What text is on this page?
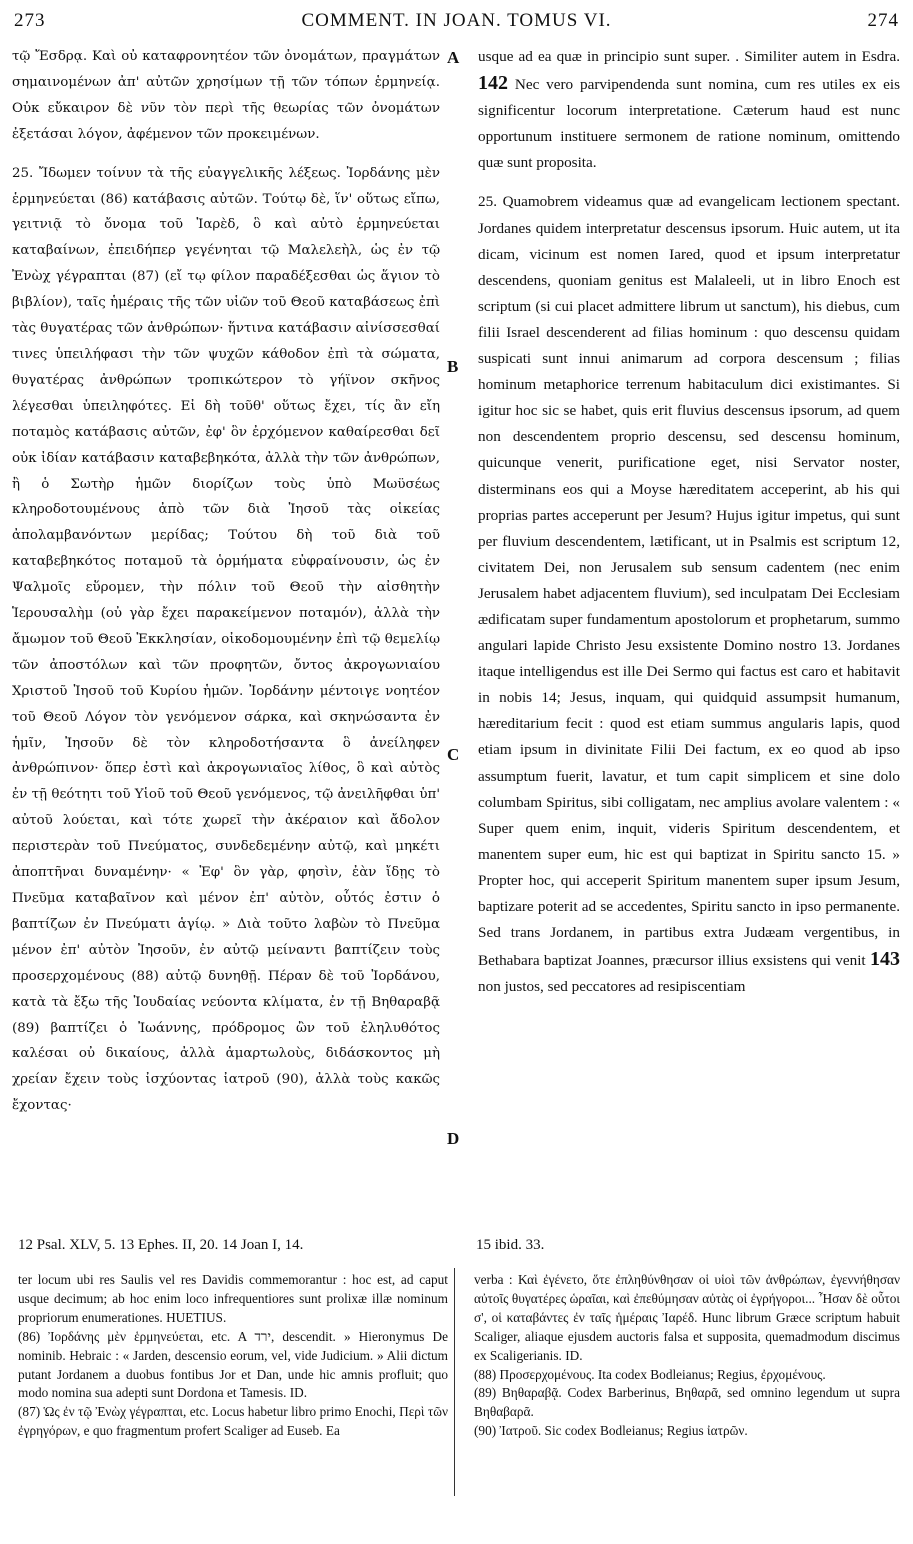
273	COMMENT. IN JOAN. TOMUS VI.	274

τῷ Ἔσδρᾳ. Καὶ οὐ καταφρονητέον τῶν ὀνομάτων, πραγμάτων σημαινομένων ἀπ' αὐτῶν χρησίμων τῇ τῶν τόπων ἑρμηνείᾳ. Οὐκ εὔκαιρον δὲ νῦν τὸν περὶ τῆς θεωρίας τῶν ὀνομάτων ἐξετάσαι λόγον, ἀφέμενον τῶν προκειμένων.

25. Ἴδωμεν τοίνυν τὰ τῆς εὐαγγελικῆς λέξεως. Ἰορδάνης μὲν ἑρμηνεύεται (86) κατάβασις αὐτῶν. Τούτῳ δὲ, ἵν' οὕτως εἴπω, γειτνιᾷ τὸ ὄνομα τοῦ Ἰαρὲδ, ὃ καὶ αὐτὸ ἑρμηνεύεται καταβαίνων, ἐπειδήπερ γεγένηται τῷ Μαλελεὴλ, ὡς ἐν τῷ Ἐνὼχ γέγραπται (87) (εἴ τῳ φίλον παραδέξεσθαι ὡς ἅγιον τὸ βιβλίον), ταῖς ἡμέραις τῆς τῶν υἱῶν τοῦ Θεοῦ καταβάσεως ἐπὶ τὰς θυγατέρας τῶν ἀνθρώπων· ἥντινα κατάβασιν αἰνίσσεσθαί τινες ὑπειλήφασι τὴν τῶν ψυχῶν κάθοδον ἐπὶ τὰ σώματα, θυγατέρας ἀνθρώπων τροπικώτερον τὸ γήϊνον σκῆνος λέγεσθαι ὑπειληφότες. Εἰ δὴ τοῦθ' οὕτως ἔχει, τίς ἂν εἴη ποταμὸς κατάβασις αὐτῶν, ἐφ' ὃν ἐρχόμενον καθαίρεσθαι δεῖ οὐκ ἰδίαν κατάβασιν καταβεβηκότα, ἀλλὰ τὴν τῶν ἀνθρώπων, ἢ ὁ Σωτὴρ ἡμῶν διορίζων τοὺς ὑπὸ Μωϋσέως κληροδοτουμένους ἀπὸ τῶν διὰ Ἰησοῦ τὰς οἰκείας ἀπολαμβανόντων μερίδας; Τούτου δὴ τοῦ διὰ τοῦ καταβεβηκότος ποταμοῦ τὰ ὁρμήματα εὐφραίνουσιν, ὡς ἐν Ψαλμοῖς εὕρομεν, τὴν πόλιν τοῦ Θεοῦ τὴν αἰσθητὴν Ἱερουσαλὴμ (οὐ γὰρ ἔχει παρακείμενον ποταμόν), ἀλλὰ τὴν ἄμωμον τοῦ Θεοῦ Ἐκκλησίαν, οἰκοδομουμένην ἐπὶ τῷ θεμελίῳ τῶν ἀποστόλων καὶ τῶν προφητῶν, ὄντος ἀκρογωνιαίου Χριστοῦ Ἰησοῦ τοῦ Κυρίου ἡμῶν. Ἰορδάνην μέντοιγε νοητέον τοῦ Θεοῦ Λόγον τὸν γενόμενον σάρκα, καὶ σκηνώσαντα ἐν ἡμῖν, Ἰησοῦν δὲ τὸν κληροδοτήσαντα ὃ ἀνείληφεν ἀνθρώπινον· ὅπερ ἐστὶ καὶ ἀκρογωνιαῖος λίθος, ὃ καὶ αὐτὸς ἐν τῇ θεότητι τοῦ Υἱοῦ τοῦ Θεοῦ γενόμενος, τῷ ἀνειλῆφθαι ὑπ' αὐτοῦ λούεται, καὶ τότε χωρεῖ τὴν ἀκέραιον καὶ ἄδολον περιστερὰν τοῦ Πνεύματος, συνδεδεμένην αὐτῷ, καὶ μηκέτι ἀποπτῆναι δυναμένην· « Ἐφ' ὃν γὰρ, φησὶν, ἐὰν ἴδῃς τὸ Πνεῦμα καταβαῖνον καὶ μένον ἐπ' αὐτὸν, οὗτός ἐστιν ὁ βαπτίζων ἐν Πνεύματι ἁγίῳ. » Διὰ τοῦτο λαβὼν τὸ Πνεῦμα μένον ἐπ' αὐτὸν Ἰησοῦν, ἐν αὐτῷ μείναντι βαπτίζειν τοὺς προσερχομένους (88) αὐτῷ δυνηθῇ. Πέραν δὲ τοῦ Ἰορδάνου, κατὰ τὰ ἔξω τῆς Ἰουδαίας νεύοντα κλίματα, ἐν τῇ Βηθαραβᾷ (89) βαπτίζει ὁ Ἰωάννης, πρόδρομος ὢν τοῦ ἐληλυθότος καλέσαι οὐ δικαίους, ἀλλὰ ἁμαρτωλοὺς, διδάσκοντος μὴ χρείαν ἔχειν τοὺς ἰσχύοντας ἰατροῦ (90), ἀλλὰ τοὺς κακῶς ἔχοντας·

A
B
C
D

usque ad ea quæ in principio sunt super. . Similiter autem in Esdra. 142 Nec vero parvipendenda sunt nomina, cum res utiles ex eis significentur locorum interpretatione. Cæterum haud est nunc opportunum instituere sermonem de ratione nominum, omittendo quæ sunt proposita.

25. Quamobrem videamus quæ ad evangelicam lectionem spectant. Jordanes quidem interpretatur descensus ipsorum. Huic autem, ut ita dicam, vicinum est nomen Iared, quod et ipsum interpretatur descendens, quoniam genitus est Malaleeli, ut in libro Enoch est scriptum (si cui placet admittere librum ut sanctum), his diebus, cum filii Israel descenderent ad filias hominum : quo descensu quidam suspicati sunt innui animarum ad corpora descensum ; filias hominum metaphorice terrenum habitaculum dici existimantes. Si igitur hoc sic se habet, quis erit fluvius descensus ipsorum, ad quem non descendentem proprio descensu, sed descensu hominum, quicunque venerit, purificatione eget, nisi Servator noster, disterminans eos qui a Moyse hæreditatem acceperint, ab his qui proprias partes acceperunt per Jesum? Hujus igitur impetus, qui sunt per fluvium descendentem, lætificant, ut in Psalmis est scriptum 12, civitatem Dei, non Jerusalem sub sensum cadentem (nec enim Jerusalem habet adjacentem fluvium), sed inculpatam Dei Ecclesiam ædificatam super fundamentum apostolorum et prophetarum, summo angulari lapide Christo Jesu exsistente Domino nostro 13. Jordanes itaque intelligendus est ille Dei Sermo qui factus est caro et habitavit in nobis 14; Jesus, inquam, qui quidquid assumpsit humanum, hæreditarium fecit : quod est etiam summus angularis lapis, quod etiam ipsum in divinitate Filii Dei factum, ex eo quod ab ipso assumptum fuerit, lavatur, et tum capit simplicem et sine dolo columbam Spiritus, sibi colligatam, nec amplius avolare valentem : « Super quem enim, inquit, videris Spiritum descendentem, et manentem super eum, hic est qui baptizat in Spiritu sancto 15. » Propter hoc, qui acceperit Spiritum manentem super ipsum Jesum, baptizare poterit ad se accedentes, Spiritu sancto in ipso permanente. Sed trans Jordanem, in partibus extra Judæam vergentibus, in Bethabara baptizat Joannes, præcursor illius exsistens qui venit 143 non justos, sed peccatores ad resipiscentiam

12 Psal. XLV, 5. 13 Ephes. II, 20. 14 Joan I, 14.	15 ibid. 33.

ter locum ubi res Saulis vel res Davidis commemorantur : hoc est, ad caput usque decimum; ab hoc enim loco infrequentiores sunt prolixæ illæ nominum propriorum enumerationes. HUETIUS.

(86) Ἰορδάνης μὲν ἑρμηνεύεται, etc. A ירד, descendit. » Hieronymus De nominib. Hebraic : « Jarden, descensio eorum, vel, vide Judicium. » Alii dictum putant Jordanem a duobus fontibus Jor et Dan, unde hic amnis profluit; quo modo nomina sua adepti sunt Dordona et Tamesis. ID.

(87) Ὡς ἐν τῷ Ἐνὼχ γέγραπται, etc. Locus habetur libro primo Enochi, Περὶ τῶν ἐγρηγόρων, e quo fragmentum profert Scaliger ad Euseb. Ea

verba : Καὶ ἐγένετο, ὅτε ἐπληθύνθησαν οἱ υἱοὶ τῶν ἀνθρώπων, ἐγεννήθησαν αὐτοῖς θυγατέρες ὡραῖαι, καὶ ἐπεθύμησαν αὐτὰς οἱ ἐγρήγοροι... Ἦσαν δὲ οὗτοι σ', οἱ καταβάντες ἐν ταῖς ἡμέραις Ἰαρέδ. Hunc librum Græce scriptum habuit Scaliger, aliaque ejusdem auctoris falsa et supposita, quemadmodum discimus ex Scaligerianis. ID.

(88) Προσερχομένους. Ita codex Bodleianus; Regius, ἐρχομένους.

(89) Βηθαραβᾷ. Codex Barberinus, Βηθαρᾶ, sed omnino legendum ut supra Βηθαβαρᾶ.

(90) Ἰατροῦ. Sic codex Bodleianus; Regius ἰατρῶν.
